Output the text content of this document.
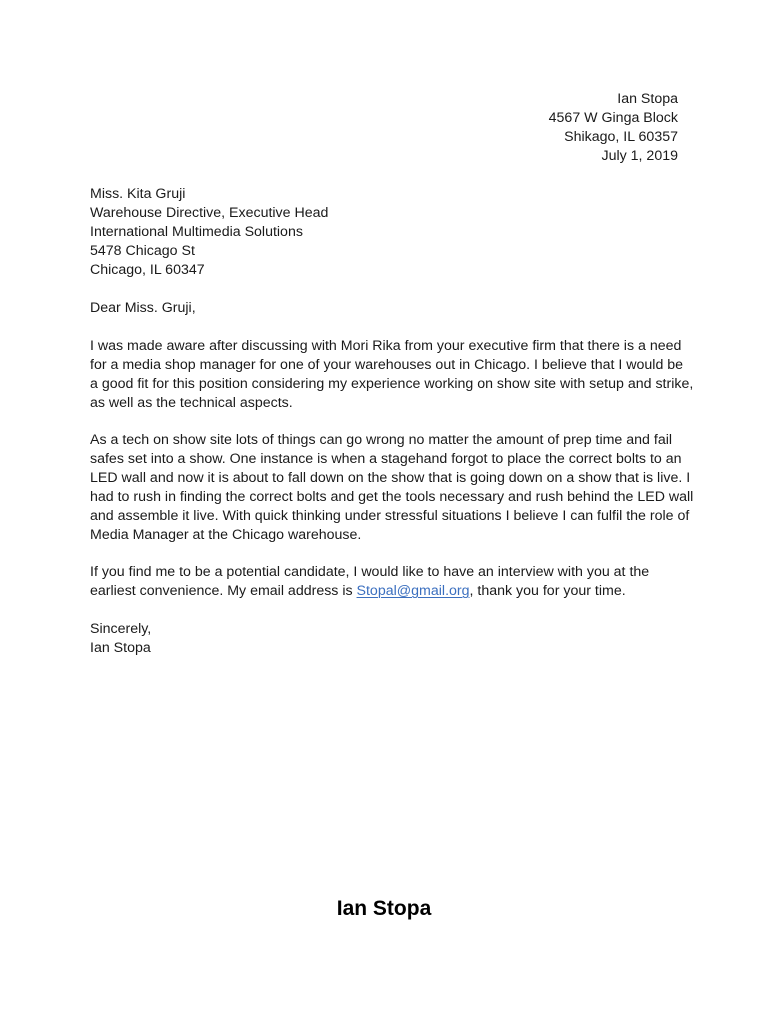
Ian Stopa
4567 W Ginga Block
Shikago, IL 60357
July 1, 2019
Miss. Kita Gruji
Warehouse Directive, Executive Head
International Multimedia Solutions
5478 Chicago St
Chicago, IL 60347
Dear Miss. Gruji,
I was made aware after discussing with Mori Rika from your executive firm that there is a need
for a media shop manager for one of your warehouses out in Chicago. I believe that I would be
a good fit for this position considering my experience working on show site with setup and strike,
as well as the technical aspects.
As a tech on show site lots of things can go wrong no matter the amount of prep time and fail
safes set into a show. One instance is when a stagehand forgot to place the correct bolts to an
LED wall and now it is about to fall down on the show that is going down on a show that is live. I
had to rush in finding the correct bolts and get the tools necessary and rush behind the LED wall
and assemble it live. With quick thinking under stressful situations I believe I can fulfil the role of
Media Manager at the Chicago warehouse.
If you find me to be a potential candidate, I would like to have an interview with you at the
earliest convenience. My email address is Stopal@gmail.org, thank you for your time.
Sincerely,
Ian Stopa
Ian Stopa
